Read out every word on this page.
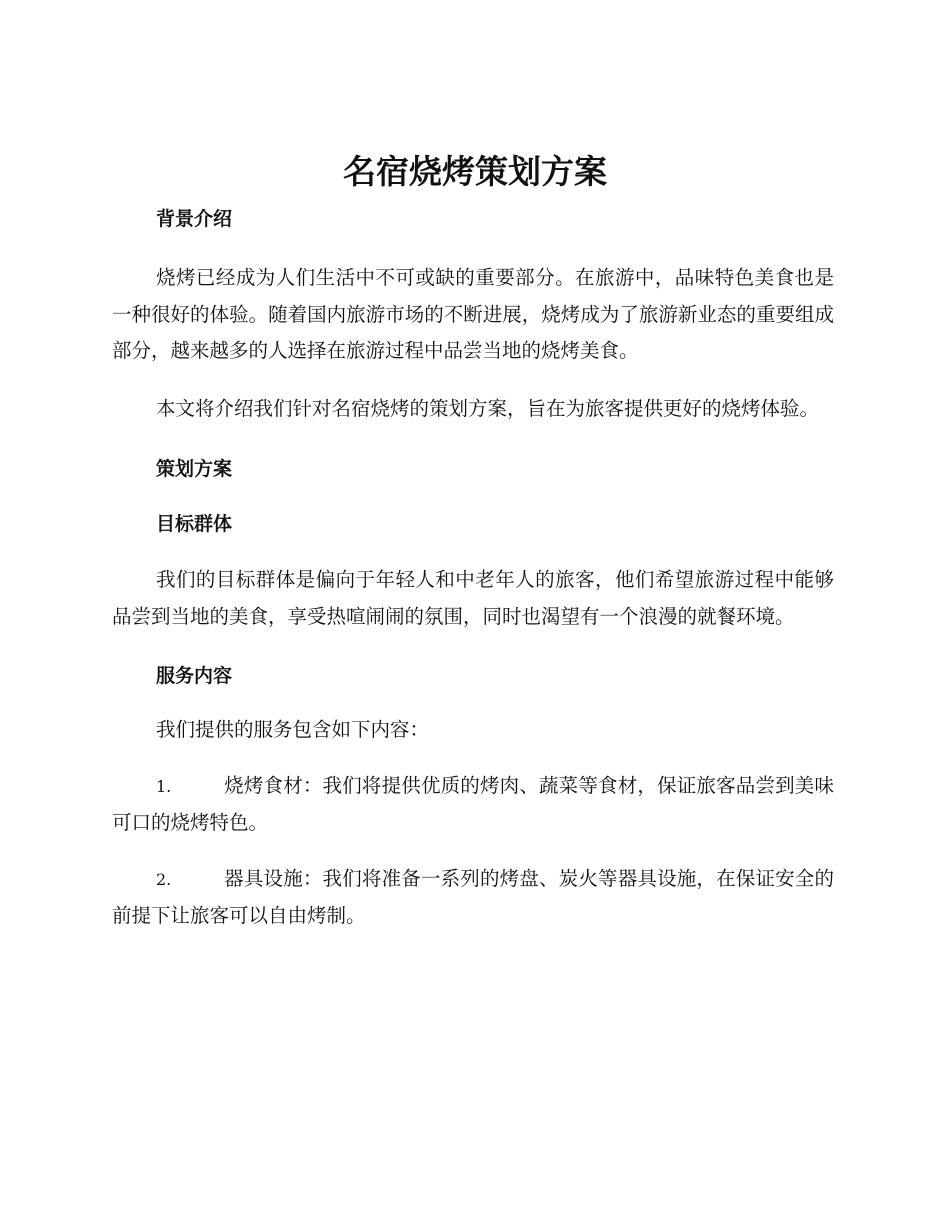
名宿烧烤策划方案

背景介绍

烧烤已经成为人们生活中不可或缺的重要部分。在旅游中，品味特色美食也是一种很好的体验。随着国内旅游市场的不断进展，烧烤成为了旅游新业态的重要组成部分，越来越多的人选择在旅游过程中品尝当地的烧烤美食。

本文将介绍我们针对名宿烧烤的策划方案，旨在为旅客提供更好的烧烤体验。

策划方案

目标群体

我们的目标群体是偏向于年轻人和中老年人的旅客，他们希望旅游过程中能够品尝到当地的美食，享受热喧闹闹的氛围，同时也渴望有一个浪漫的就餐环境。

服务内容

我们提供的服务包含如下内容：

1.	烧烤食材：我们将提供优质的烤肉、蔬菜等食材，保证旅客品尝到美味可口的烧烤特色。

2.	器具设施：我们将准备一系列的烤盘、炭火等器具设施，在保证安全的前提下让旅客可以自由烤制。
